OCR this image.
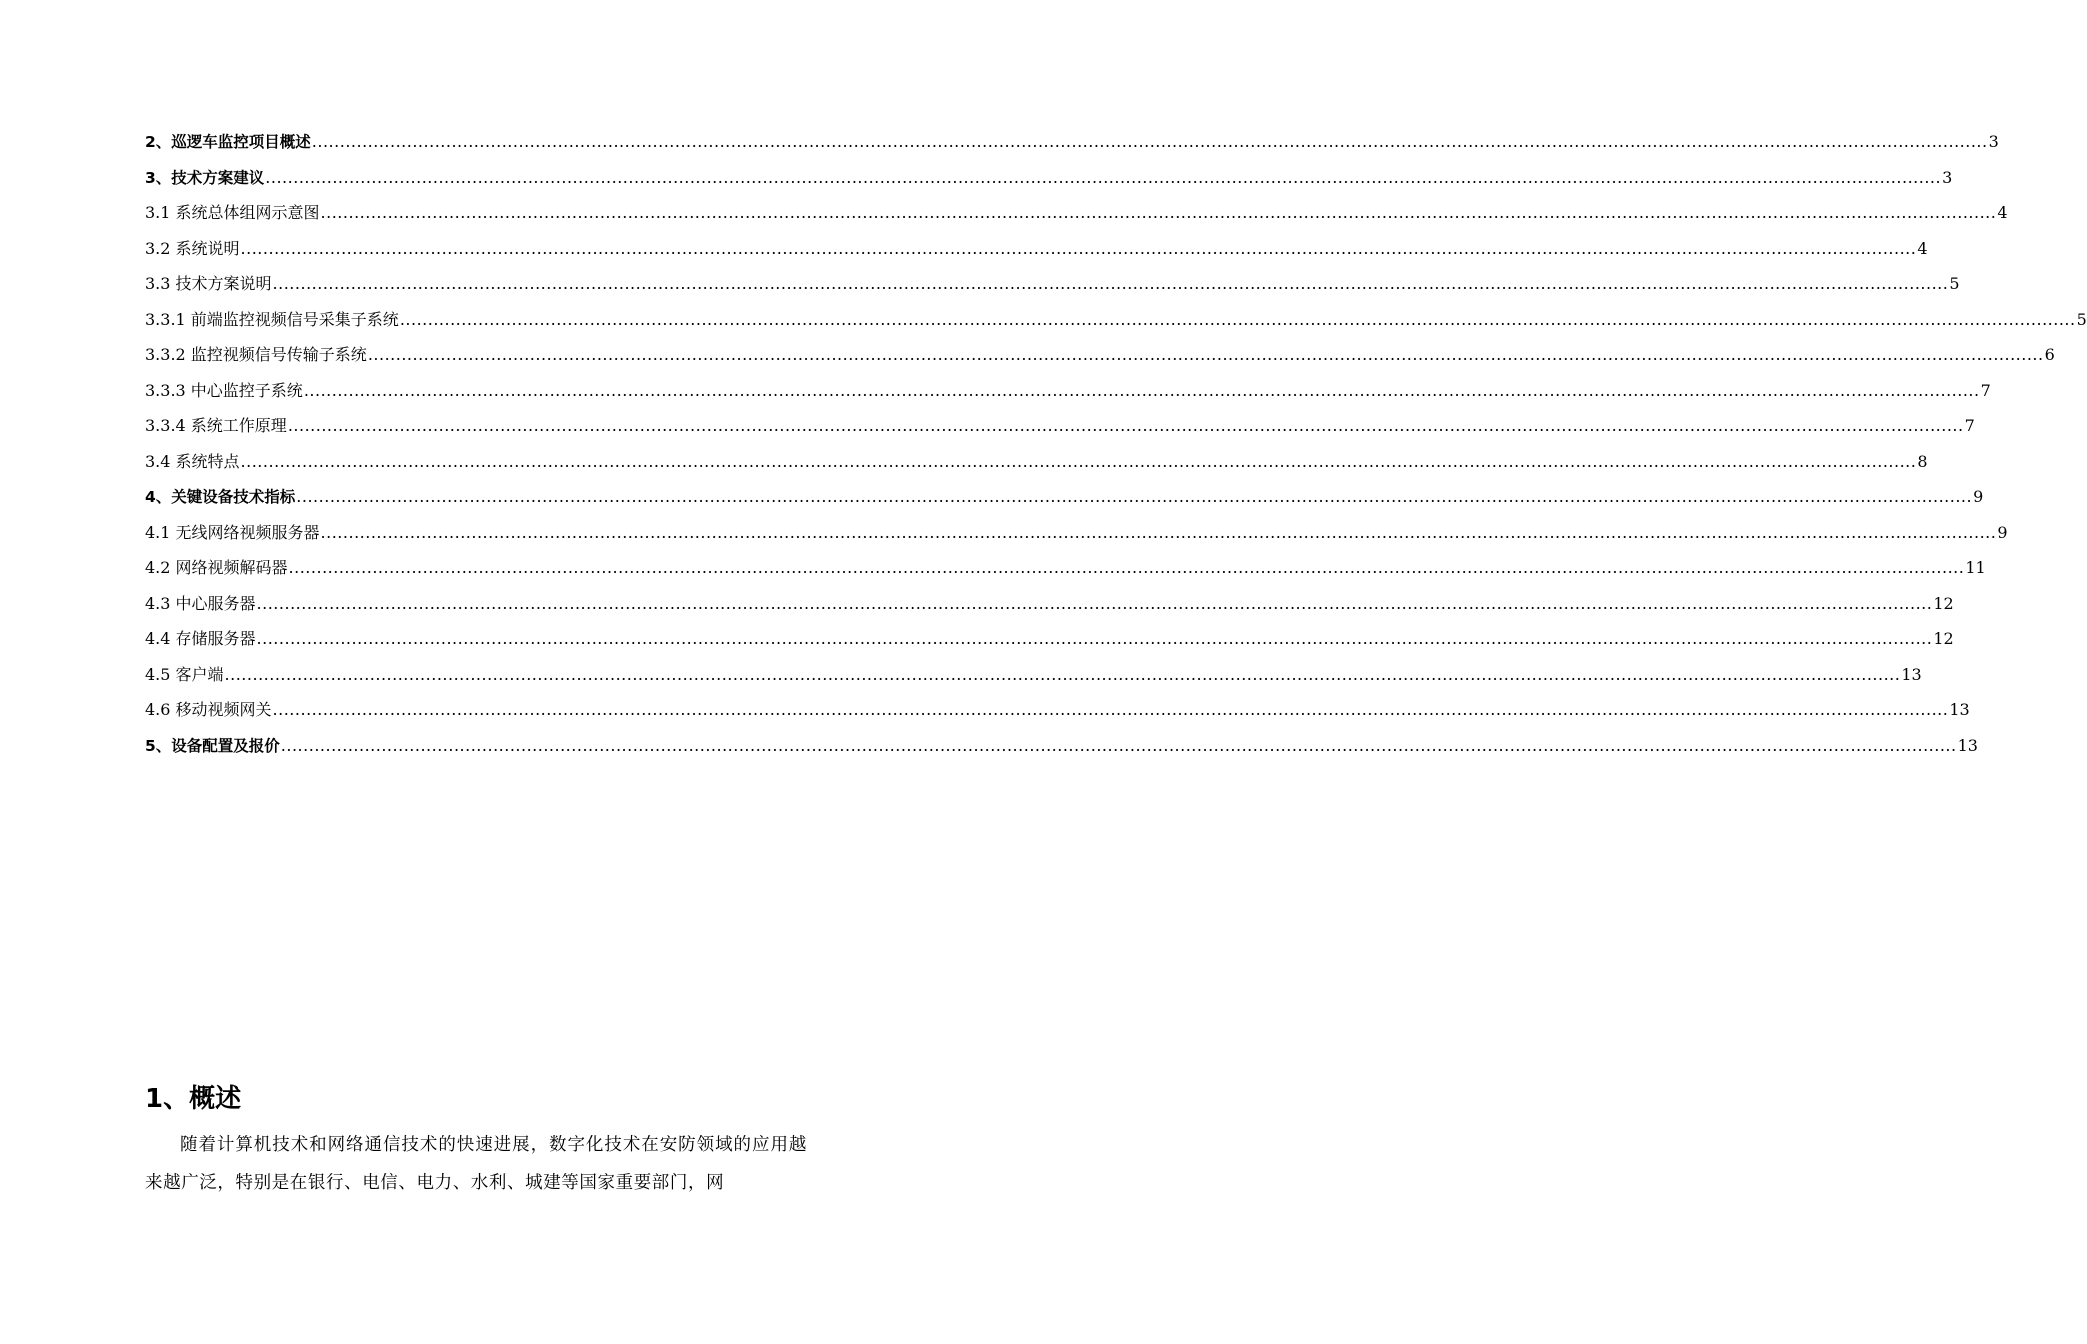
2、巡逻车监控项目概述 ............................................................................................................................................................................................................................................................................................................ 3
3、技术方案建议 ............................................................................................................................................................................................................................................................................................................ 3
3.1 系统总体组网示意图 ............................................................................................................................................................................................................................................................................................................ 4
3.2 系统说明 ............................................................................................................................................................................................................................................................................................................ 4
3.3 技术方案说明 ............................................................................................................................................................................................................................................................................................................ 5
3.3.1 前端监控视频信号采集子系统 ............................................................................................................................................................................................................................................................................................................ 5
3.3.2 监控视频信号传输子系统 ............................................................................................................................................................................................................................................................................................................ 6
3.3.3 中心监控子系统 ............................................................................................................................................................................................................................................................................................................ 7
3.3.4 系统工作原理 ............................................................................................................................................................................................................................................................................................................ 7
3.4 系统特点 ............................................................................................................................................................................................................................................................................................................ 8
4、关键设备技术指标 ............................................................................................................................................................................................................................................................................................................ 9
4.1 无线网络视频服务器 ............................................................................................................................................................................................................................................................................................................ 9
4.2 网络视频解码器 ............................................................................................................................................................................................................................................................................................................ 11
4.3 中心服务器 ............................................................................................................................................................................................................................................................................................................ 12
4.4 存储服务器 ............................................................................................................................................................................................................................................................................................................ 12
4.5 客户端 ............................................................................................................................................................................................................................................................................................................ 13
4.6 移动视频网关 ............................................................................................................................................................................................................................................................................................................ 13
5、设备配置及报价 ............................................................................................................................................................................................................................................................................................................ 13
1、概述

随着计算机技术和网络通信技术的快速进展，数字化技术在安防领域的应用越来越广泛，特别是在银行、电信、电力、水利、城建等国家重要部门，网
